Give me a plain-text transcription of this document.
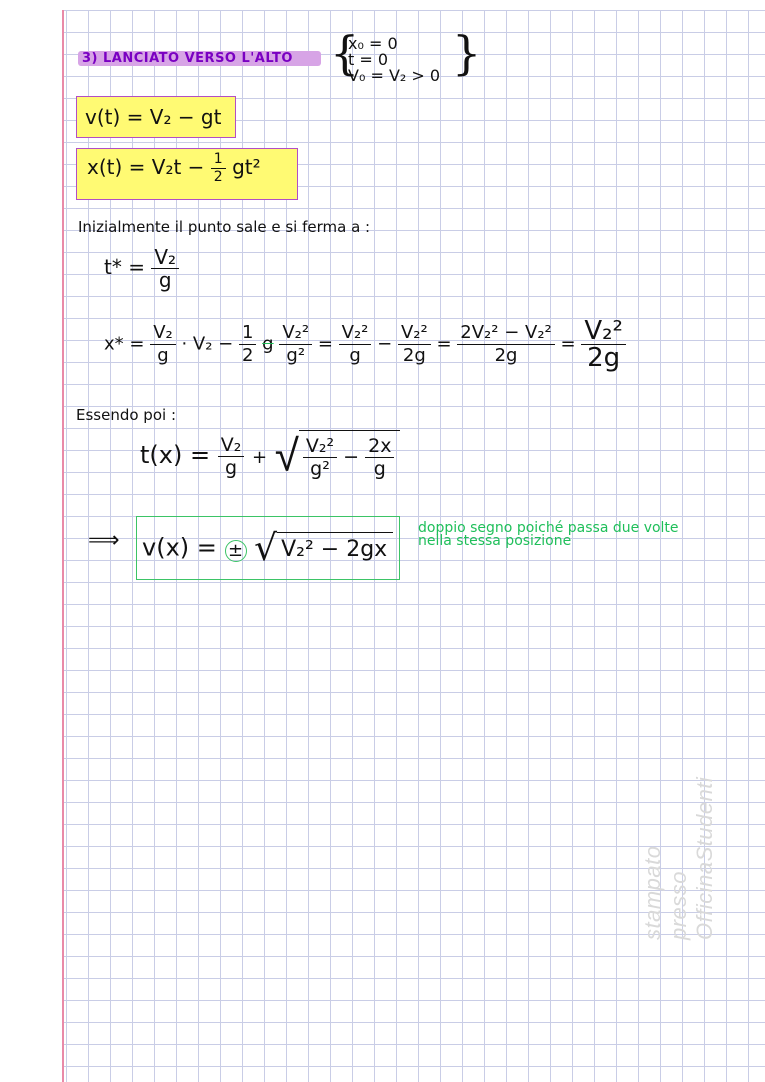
3) LANCIATO VERSO L'ALTO {
x₀ = 0
t = 0
V₀ = V₂ > 0 }
v(t) = V₂ − gt
$x(t) = V_2t - \frac{1}{2} gt^2$
Inizialmente il punto sale e si ferma a :
$t* = \frac{\text{V₂}}{g}$
$x* = \frac{\text{V₂}}{g} \cdot V_2 - \frac{1}{2}$ g $\frac{\text{V₂²}}{\text{g²}} = \frac{\text{V₂²}}{g} - \frac{\text{V₂²}}{2g} = \frac{\text{2V₂² − V₂²}}{2g} = \frac{\text{V₂²}}{2g}$
Essendo poi :
$t(x) = \frac{\text{V₂}}{g}$ + √ $\frac{\text{V₂²}}{\text{g²}} - \frac{2x}{g}$
⟹ v(x) = ± √ V₂² − 2gx
doppio segno poiché passa due volte
nella stessa posizione
stampato presso OfficinaStudenti
